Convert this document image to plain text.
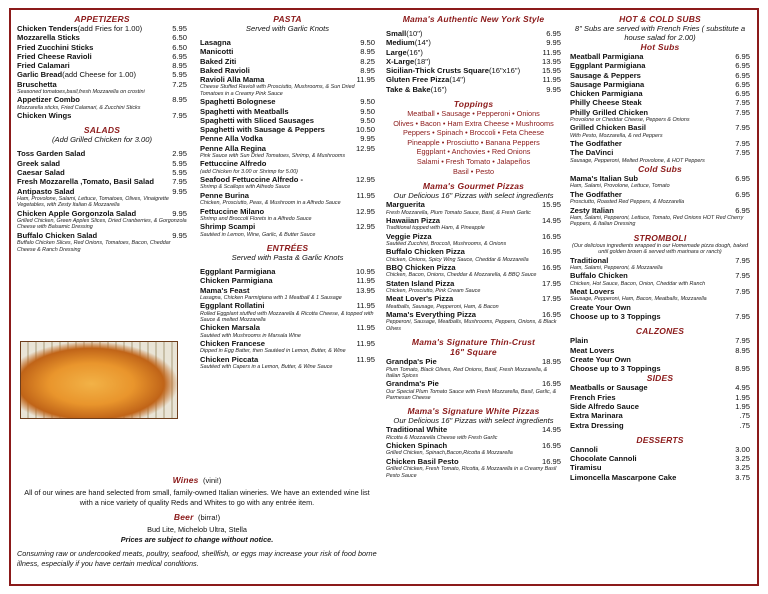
APPETIZERS
Chicken Tenders(add Fries for 1.00)	5.95
Mozzarella Sticks	6.50
Fried Zucchini Sticks	6.50
Fried Cheese Ravioli	6.95
Fried Calamari	8.95
Garlic Bread(add Cheese for 1.00)	5.95
Bruschetta	7.25
Seasoned tomatoes,basil,fresh Mozzarella on crostini
Appetizer Combo	8.95
Mozzarella sticks, Fried Calamari, & Zucchini Sticks
Chicken Wings	7.95
SALADS
(Add Grilled Chicken for 3.00)
Toss Garden Salad	2.95
Greek salad	5.95
Caesar Salad	5.95
Fresh Mozzarella ,Tomato, Basil Salad	7.95
Antipasto Salad	9.95
Ham, Provolone, Salami, Lettuce, Tomatoes, Olives, Vinaigrette Vegetables, with Zesty Italian & Mozzarella
Chicken Apple Gorgonzola Salad	9.95
Grilled Chicken, Green Apples Slices, Dried Cranberries, & Gorgonzola Cheese with Balsamic Dressing
Buffalo Chicken Salad	9.95
Buffalo Chicken Slices, Red Onions, Tomatoes, Bacon, Cheddar Cheese & Ranch Dressing
PASTA
Served with Garlic Knots
Lasagna	9.50
Manicotti	8.95
Baked Ziti	8.25
Baked Ravioli	8.95
Ravioli Alla Mama	11.95
Cheese Stuffed Ravioli with Prosciutto, Mushrooms, & Sun Dried Tomatoes in a Creamy Pink Sauce
Spaghetti Bolognese	9.50
Spaghetti with Meatballs	9.50
Spaghetti with Sliced Sausages	9.50
Spaghetti with Sausage & Peppers	10.50
Penne Alla Vodka	9.95
Penne Alla Regina	12.95
Pink Sauce with Sun Dried Tomatoes, Shrimp, & Mushrooms
Fettuccine Alfredo
(add Chicken for 3.00 or Shrimp for 5.00)
Seafood Fettuccine Alfredo -	12.95
Shrimp & Scallops with Alfredo Sauce
Penne Burina	11.95
Chicken, Prosciutto, Peas, & Mushroom in a Alfredo Sauce
Fettuccine Milano	12.95
Shrimp and Broccoli Florets in a Alfredo Sauce
Shrimp Scampi	12.95
Sautéed in Lemon, Wine, Garlic, & Butter Sauce
ENTRÉES
Served with Pasta & Garlic Knots
Eggplant Parmigiana	10.95
Chicken Parmigiana	11.95
Mama's Feast	13.95
Lasagna, Chicken Parmigiana with 1 Meatball & 1 Sausage
Eggplant Rollatini	11.95
Rolled Eggplant stuffed with Mozzarella & Ricotta Cheese, & topped with Sauce & melted Mozzarella
Chicken Marsala	11.95
Sautéed with Mushrooms in Marsala Wine
Chicken Francese	11.95
Dipped in Egg Batter, then Sautéed in Lemon, Butter, & Wine
Chicken Piccata	11.95
Sautéed with Capers in a Lemon, Butter, & Wine Sauce
Wines (vini!)

All of our wines are hand selected from small, family-owned Italian wineries. We have an extended wine list with a nice variety of quality Reds and Whites to go with any entrée item.

Beer (birra!)

Bud Lite, Michelob Ultra, Stella

Prices are subject to change without notice.

Consuming raw or undercooked meats, poultry, seafood, shellfish, or eggs may increase your risk of food borne illness, especially if you have certain medical conditions.
Mama's Authentic New York Style
Small(10")	6.95
Medium(14")	9.95
Large(16")	11.95
X-Large(18")	13.95
Sicilian-Thick Crusts Square(16"x16")	15.95
Gluten Free Pizza(14")	11.95
Take & Bake(16")	9.95
Toppings
Meatball • Sausage • Pepperoni • Onions
Olives • Bacon • Ham Extra Cheese • Mushrooms
Peppers • Spinach • Broccoli • Feta Cheese
Pineapple • Prosciutto • Banana Peppers
Eggplant • Anchovies • Red Onions
Salami • Fresh Tomato • Jalapeños
Basil • Pesto
Mama's Gourmet Pizzas
Our Delicious 16" Pizzas with select ingredients
Marguerita	15.95
Fresh Mozzarella, Plum Tomato Sauce, Basil, & Fresh Garlic
Hawaiian Pizza	14.95
Traditional topped with Ham, & Pineapple
Veggie Pizza	16.95
Sautéed Zucchini, Broccoli, Mushrooms, & Onions
Buffalo Chicken Pizza	16.95
Chicken, Onions, Spicy Wing Sauce, Cheddar & Mozzarella
BBQ Chicken Pizza	16.95
Chicken, Bacon, Onions, Cheddar & Mozzarella, & BBQ Sauce
Staten Island Pizza	17.95
Chicken, Prosciutto, Pink Cream Sauce
Meat Lover's Pizza	17.95
Meatballs, Sausage, Pepperoni, Ham, & Bacon
Mama's Everything Pizza	16.95
Pepperoni, Sausage, Meatballs, Mushrooms, Peppers, Onions, & Black Olives
Mama's Signature Thin-Crust
16" Square
Grandpa's Pie	18.95
Plum Tomato, Black Olives, Red Onions, Basil, Fresh Mozzarella, & Italian Spices
Grandma's Pie	16.95
Our Special Plum Tomato Sauce with Fresh Mozzarella, Basil, Garlic, & Parmesan Cheese
Mama's Signature White Pizzas
Our Delicious 16" Pizzas with select ingredients
Traditional White	14.95
Ricotta & Mozzarella Cheese with Fresh Garlic
Chicken Spinach	16.95
Grilled Chicken, Spinach,Bacon,Ricotta & Mozzarella
Chicken Basil Pesto	16.95
Grilled Chicken, Fresh Tomato, Ricotta, & Mozzarella in a Creamy Basil Pesto Sauce
HOT & COLD SUBS
8" Subs are served with French Fries ( substitute a house salad for 2.00)
Hot Subs
Meatball Parmigiana	6.95
Eggplant Parmigiana	6.95
Sausage & Peppers	6.95
Sausage Parmigiana	6.95
Chicken Parmigiana	6.95
Philly Cheese Steak	7.95
Philly Grilled Chicken	7.95
Provolone or Cheddar Cheese, Peppers & Onions
Grilled Chicken Basil	7.95
With Pesto, Mozzarella, & red Peppers
The Godfather	7.95
The DaVinci	7.95
Sausage, Pepperoni, Melted Provolone, & HOT Peppers
Cold Subs
Mama's Italian Sub	6.95
Ham, Salami, Provolone, Lettuce, Tomato
The Godfather	6.95
Prosciutto, Roasted Red Peppers, & Mozzarella
Zesty Italian	6.95
Ham, Salami, Pepperoni, Lettuce, Tomato, Red Onions HOT Red Cherry Peppers, & Italian Dressing
STROMBOLI
(Our delicious ingredients wrapped in our Homemade pizza dough, baked until golden brown & served with marinara or ranch)
Traditional	7.95
Ham, Salami, Pepperoni, & Mozzarella
Buffalo Chicken	7.95
Chicken, Hot Sauce, Bacon, Onion, Cheddar with Ranch
Meat Lovers	7.95
Sausage, Pepperoni, Ham, Bacon, Meatballs, Mozzarella
Create Your Own
Choose up to 3 Toppings	7.95
CALZONES
Plain	7.95
Meat Lovers	8.95
Create Your Own
Choose up to 3 Toppings	8.95
SIDES
Meatballs or Sausage	4.95
French Fries	1.95
Side Alfredo Sauce	1.95
Extra Marinara	.75
Extra Dressing	.75
DESSERTS
Cannoli	3.00
Chocolate Cannoli	3.25
Tiramisu	3.25
Limoncella Mascarpone Cake	3.75
